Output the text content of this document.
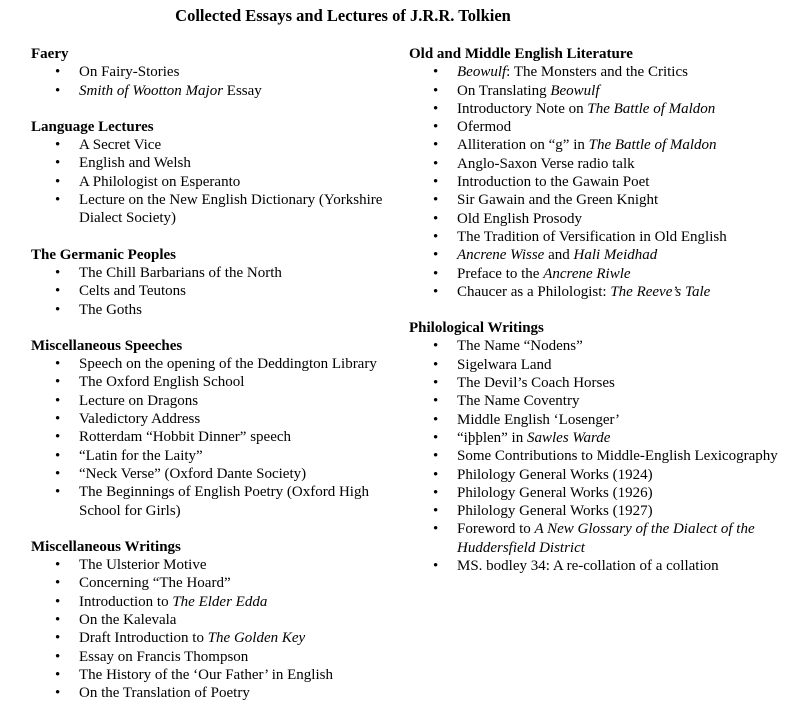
Collected Essays and Lectures of J.R.R. Tolkien
Faery
• On Fairy-Stories
• Smith of Wootton Major Essay
Language Lectures
• A Secret Vice
• English and Welsh
• A Philologist on Esperanto
• Lecture on the New English Dictionary (Yorkshire Dialect Society)
The Germanic Peoples
• The Chill Barbarians of the North
• Celts and Teutons
• The Goths
Miscellaneous Speeches
• Speech on the opening of the Deddington Library
• The Oxford English School
• Lecture on Dragons
• Valedictory Address
• Rotterdam “Hobbit Dinner” speech
• “Latin for the Laity”
• “Neck Verse” (Oxford Dante Society)
• The Beginnings of English Poetry (Oxford High School for Girls)
Miscellaneous Writings
• The Ulsterior Motive
• Concerning “The Hoard”
• Introduction to The Elder Edda
• On the Kalevala
• Draft Introduction to The Golden Key
• Essay on Francis Thompson
• The History of the ‘Our Father’ in English
• On the Translation of Poetry
Old and Middle English Literature
• Beowulf: The Monsters and the Critics
• On Translating Beowulf
• Introductory Note on The Battle of Maldon
• Ofermod
• Alliteration on “g” in The Battle of Maldon
• Anglo-Saxon Verse radio talk
• Introduction to the Gawain Poet
• Sir Gawain and the Green Knight
• Old English Prosody
• The Tradition of Versification in Old English
• Ancrene Wisse and Hali Meidhad
• Preface to the Ancrene Riwle
• Chaucer as a Philologist: The Reeve’s Tale
Philological Writings
• The Name “Nodens”
• Sigelwara Land
• The Devil’s Coach Horses
• The Name Coventry
• Middle English ‘Losenger’
• “iþþlen” in Sawles Warde
• Some Contributions to Middle-English Lexicography
• Philology General Works (1924)
• Philology General Works (1926)
• Philology General Works (1927)
• Foreword to A New Glossary of the Dialect of the Huddersfield District
• MS. bodley 34: A re-collation of a collation
